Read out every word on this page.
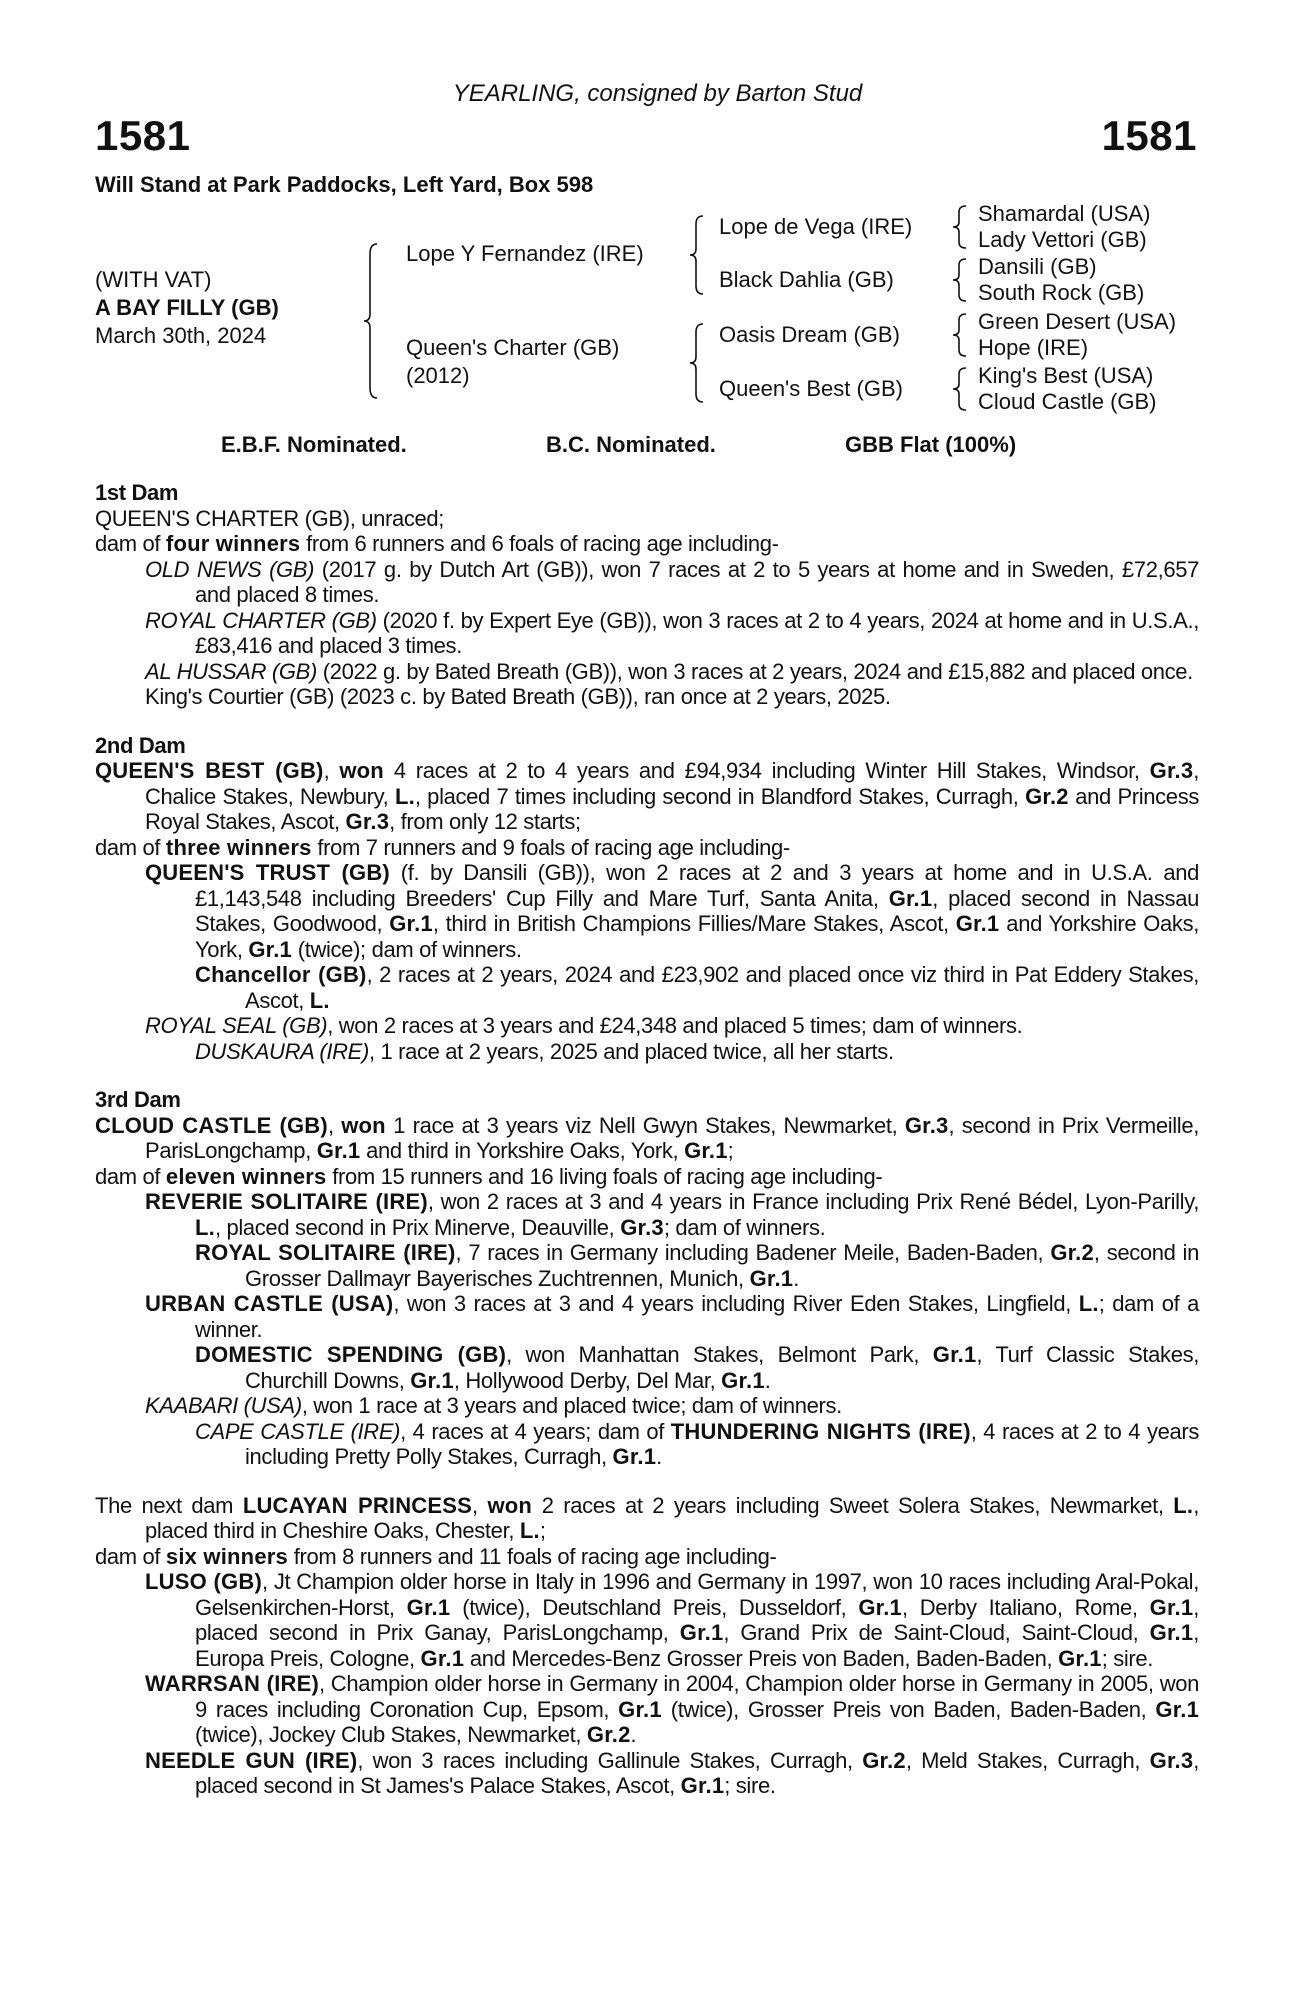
YEARLING, consigned by Barton Stud
1581	1581
Will Stand at Park Paddocks, Left Yard, Box 598
(WITH VAT)
A BAY FILLY (GB)
March 30th, 2024
Lope Y Fernandez (IRE)
Queen's Charter (GB)
(2012)
Lope de Vega (IRE)
Black Dahlia (GB)
Oasis Dream (GB)
Queen's Best (GB)
Shamardal (USA)
Lady Vettori (GB)
Dansili (GB)
South Rock (GB)
Green Desert (USA)
Hope (IRE)
King's Best (USA)
Cloud Castle (GB)
E.B.F. Nominated.	B.C. Nominated.	GBB Flat (100%)
1st Dam
QUEEN'S CHARTER (GB), unraced;
dam of four winners from 6 runners and 6 foals of racing age including-
OLD NEWS (GB) (2017 g. by Dutch Art (GB)), won 7 races at 2 to 5 years at home and in Sweden, £72,657 and placed 8 times.
ROYAL CHARTER (GB) (2020 f. by Expert Eye (GB)), won 3 races at 2 to 4 years, 2024 at home and in U.S.A., £83,416 and placed 3 times.
AL HUSSAR (GB) (2022 g. by Bated Breath (GB)), won 3 races at 2 years, 2024 and £15,882 and placed once.
King's Courtier (GB) (2023 c. by Bated Breath (GB)), ran once at 2 years, 2025.
2nd Dam
QUEEN'S BEST (GB), won 4 races at 2 to 4 years and £94,934 including Winter Hill Stakes, Windsor, Gr.3, Chalice Stakes, Newbury, L., placed 7 times including second in Blandford Stakes, Curragh, Gr.2 and Princess Royal Stakes, Ascot, Gr.3, from only 12 starts;
dam of three winners from 7 runners and 9 foals of racing age including-
QUEEN'S TRUST (GB) (f. by Dansili (GB)), won 2 races at 2 and 3 years at home and in U.S.A. and £1,143,548 including Breeders' Cup Filly and Mare Turf, Santa Anita, Gr.1, placed second in Nassau Stakes, Goodwood, Gr.1, third in British Champions Fillies/Mare Stakes, Ascot, Gr.1 and Yorkshire Oaks, York, Gr.1 (twice); dam of winners.
Chancellor (GB), 2 races at 2 years, 2024 and £23,902 and placed once viz third in Pat Eddery Stakes, Ascot, L.
ROYAL SEAL (GB), won 2 races at 3 years and £24,348 and placed 5 times; dam of winners.
DUSKAURA (IRE), 1 race at 2 years, 2025 and placed twice, all her starts.
3rd Dam
CLOUD CASTLE (GB), won 1 race at 3 years viz Nell Gwyn Stakes, Newmarket, Gr.3, second in Prix Vermeille, ParisLongchamp, Gr.1 and third in Yorkshire Oaks, York, Gr.1;
dam of eleven winners from 15 runners and 16 living foals of racing age including-
REVERIE SOLITAIRE (IRE), won 2 races at 3 and 4 years in France including Prix René Bédel, Lyon-Parilly, L., placed second in Prix Minerve, Deauville, Gr.3; dam of winners.
ROYAL SOLITAIRE (IRE), 7 races in Germany including Badener Meile, Baden-Baden, Gr.2, second in Grosser Dallmayr Bayerisches Zuchtrennen, Munich, Gr.1.
URBAN CASTLE (USA), won 3 races at 3 and 4 years including River Eden Stakes, Lingfield, L.; dam of a winner.
DOMESTIC SPENDING (GB), won Manhattan Stakes, Belmont Park, Gr.1, Turf Classic Stakes, Churchill Downs, Gr.1, Hollywood Derby, Del Mar, Gr.1.
KAABARI (USA), won 1 race at 3 years and placed twice; dam of winners.
CAPE CASTLE (IRE), 4 races at 4 years; dam of THUNDERING NIGHTS (IRE), 4 races at 2 to 4 years including Pretty Polly Stakes, Curragh, Gr.1.
The next dam LUCAYAN PRINCESS, won 2 races at 2 years including Sweet Solera Stakes, Newmarket, L., placed third in Cheshire Oaks, Chester, L.;
dam of six winners from 8 runners and 11 foals of racing age including-
LUSO (GB), Jt Champion older horse in Italy in 1996 and Germany in 1997, won 10 races including Aral-Pokal, Gelsenkirchen-Horst, Gr.1 (twice), Deutschland Preis, Dusseldorf, Gr.1, Derby Italiano, Rome, Gr.1, placed second in Prix Ganay, ParisLongchamp, Gr.1, Grand Prix de Saint-Cloud, Saint-Cloud, Gr.1, Europa Preis, Cologne, Gr.1 and Mercedes-Benz Grosser Preis von Baden, Baden-Baden, Gr.1; sire.
WARRSAN (IRE), Champion older horse in Germany in 2004, Champion older horse in Germany in 2005, won 9 races including Coronation Cup, Epsom, Gr.1 (twice), Grosser Preis von Baden, Baden-Baden, Gr.1 (twice), Jockey Club Stakes, Newmarket, Gr.2.
NEEDLE GUN (IRE), won 3 races including Gallinule Stakes, Curragh, Gr.2, Meld Stakes, Curragh, Gr.3, placed second in St James's Palace Stakes, Ascot, Gr.1; sire.
